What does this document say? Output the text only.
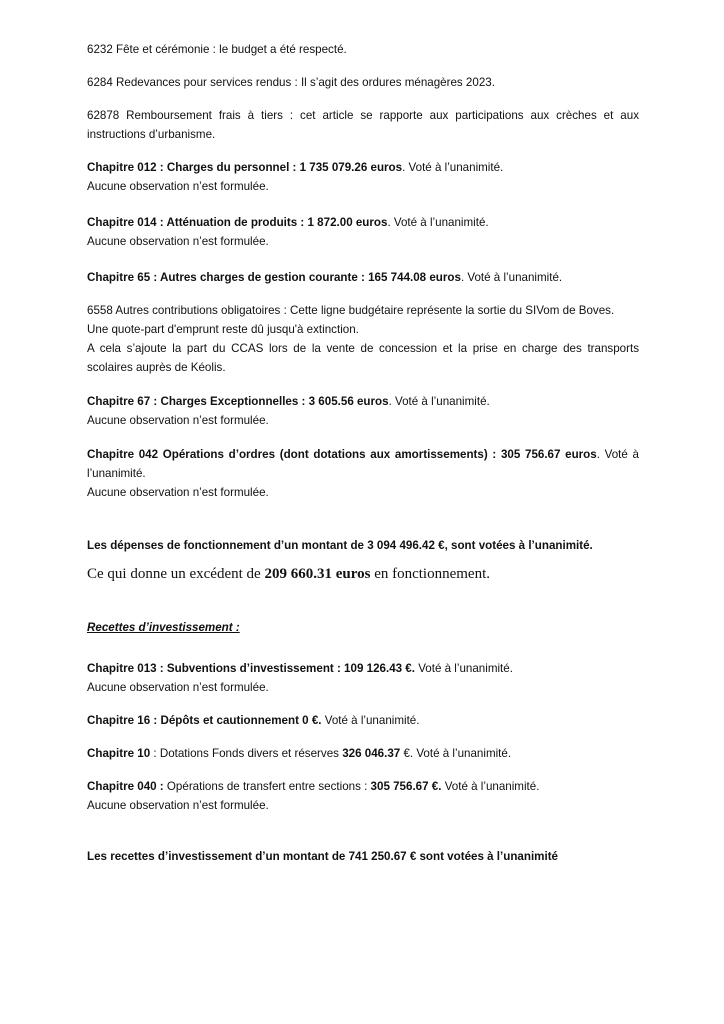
6232 Fête et cérémonie : le budget a été respecté.

6284 Redevances pour services rendus : Il s’agit des ordures ménagères 2023.

62878 Remboursement frais à tiers : cet article se rapporte aux participations aux crèches et aux instructions d’urbanisme.

Chapitre 012 : Charges du personnel : 1 735 079.26 euros. Voté à l’unanimité.

Aucune observation n’est formulée.

Chapitre 014 : Atténuation de produits : 1 872.00 euros. Voté à l’unanimité.

Aucune observation n’est formulée.

Chapitre 65 : Autres charges de gestion courante : 165 744.08 euros. Voté à l’unanimité.

6558 Autres contributions obligatoires : Cette ligne budgétaire représente la sortie du SIVom de Boves.

Une quote-part d'emprunt reste dû jusqu'à extinction.

A cela s’ajoute la part du CCAS lors de la vente de concession et la prise en charge des transports scolaires auprès de Kéolis.

Chapitre 67 : Charges Exceptionnelles : 3 605.56 euros. Voté à l’unanimité.

Aucune observation n’est formulée.

Chapitre 042 Opérations d’ordres (dont dotations aux amortissements) : 305 756.67 euros. Voté à l’unanimité.

Aucune observation n’est formulée.

Les dépenses de fonctionnement d’un montant de 3 094 496.42 €, sont votées à l’unanimité.

Ce qui donne un excédent de 209 660.31 euros en fonctionnement.

Recettes d’investissement :

Chapitre 013 : Subventions d’investissement : 109 126.43 €. Voté à l’unanimité.

Aucune observation n’est formulée.

Chapitre 16 : Dépôts et cautionnement 0 €. Voté à l’unanimité.

Chapitre 10 : Dotations Fonds divers et réserves 326 046.37 €. Voté à l’unanimité.

Chapitre 040 : Opérations de transfert entre sections : 305 756.67 €. Voté à l’unanimité.

Aucune observation n’est formulée.

Les recettes d’investissement d’un montant de 741 250.67 € sont votées à l’unanimité
